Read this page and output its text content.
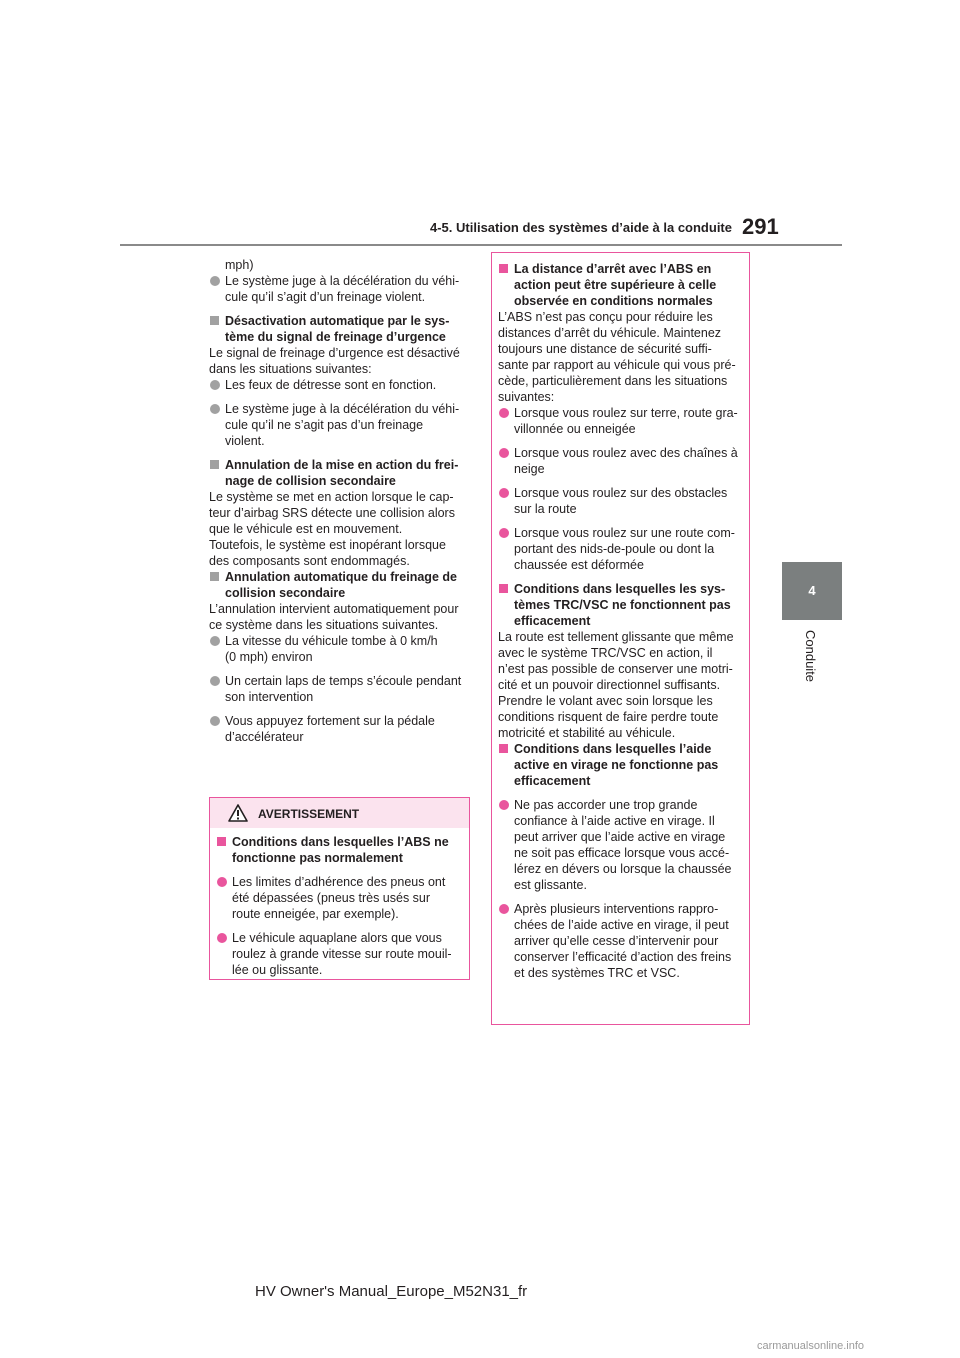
4-5. Utilisation des systèmes d’aide à la conduite 291
4
Conduite

mph)

Le système juge à la décélération du véhi-
cule qu’il s’agit d’un freinage violent.
Désactivation automatique par le sys-
tème du signal de freinage d’urgence

Le signal de freinage d’urgence est désactivé
dans les situations suivantes:

Les feux de détresse sont en fonction.
Le système juge à la décélération du véhi-
cule qu’il ne s’agit pas d’un freinage
violent.
Annulation de la mise en action du frei-
nage de collision secondaire

Le système se met en action lorsque le cap-
teur d’airbag SRS détecte une collision alors
que le véhicule est en mouvement.
Toutefois, le système est inopérant lorsque
des composants sont endommagés.

Annulation automatique du freinage de
collision secondaire

L’annulation intervient automatiquement pour
ce système dans les situations suivantes.

La vitesse du véhicule tombe à 0 km/h
(0 mph) environ
Un certain laps de temps s’écoule pendant
son intervention
Vous appuyez fortement sur la pédale
d’accélérateur
AVERTISSEMENT
Conditions dans lesquelles l’ABS ne
fonctionne pas normalement
Les limites d’adhérence des pneus ont
été dépassées (pneus très usés sur
route enneigée, par exemple).
Le véhicule aquaplane alors que vous
roulez à grande vitesse sur route mouil-
lée ou glissante.
La distance d’arrêt avec l’ABS en
action peut être supérieure à celle
observée en conditions normales

L’ABS n’est pas conçu pour réduire les
distances d’arrêt du véhicule. Maintenez
toujours une distance de sécurité suffi-
sante par rapport au véhicule qui vous pré-
cède, particulièrement dans les situations
suivantes:

Lorsque vous roulez sur terre, route gra-
villonnée ou enneigée
Lorsque vous roulez avec des chaînes à
neige
Lorsque vous roulez sur des obstacles
sur la route
Lorsque vous roulez sur une route com-
portant des nids-de-poule ou dont la
chaussée est déformée
Conditions dans lesquelles les sys-
tèmes TRC/VSC ne fonctionnent pas
efficacement

La route est tellement glissante que même
avec le système TRC/VSC en action, il
n’est pas possible de conserver une motri-
cité et un pouvoir directionnel suffisants.
Prendre le volant avec soin lorsque les
conditions risquent de faire perdre toute
motricité et stabilité au véhicule.

Conditions dans lesquelles l’aide
active en virage ne fonctionne pas
efficacement
Ne pas accorder une trop grande
confiance à l’aide active en virage. Il
peut arriver que l’aide active en virage
ne soit pas efficace lorsque vous accé-
lérez en dévers ou lorsque la chaussée
est glissante.
Après plusieurs interventions rappro-
chées de l’aide active en virage, il peut
arriver qu’elle cesse d’intervenir pour
conserver l’efficacité d’action des freins
et des systèmes TRC et VSC.
HV Owner's Manual_Europe_M52N31_fr
carmanualsonline.info
